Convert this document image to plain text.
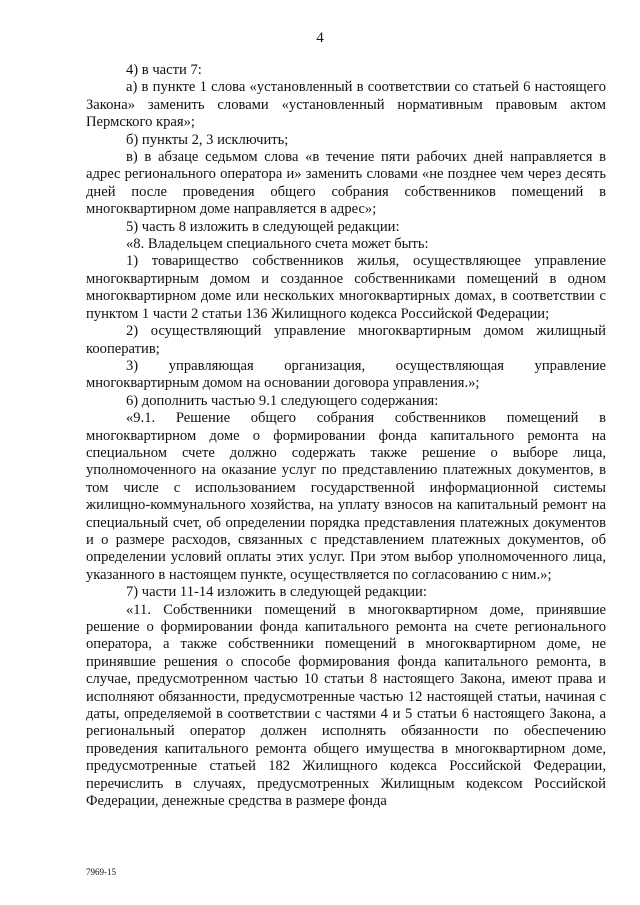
4

4) в части 7:

а) в пункте 1 слова «установленный в соответствии со статьей 6 настоящего Закона» заменить словами «установленный нормативным правовым актом Пермского края»;

б) пункты 2, 3 исключить;

в) в абзаце седьмом слова «в течение пяти рабочих дней направляется в адрес регионального оператора и» заменить словами «не позднее чем через десять дней после проведения общего собрания собственников помещений в многоквартирном доме направляется в адрес»;

5) часть 8 изложить в следующей редакции:

«8. Владельцем специального счета может быть:

1) товарищество собственников жилья, осуществляющее управление многоквартирным домом и созданное собственниками помещений в одном многоквартирном доме или нескольких многоквартирных домах, в соответствии с пунктом 1 части 2 статьи 136 Жилищного кодекса Российской Федерации;

2) осуществляющий управление многоквартирным домом жилищный кооператив;

3) управляющая организация, осуществляющая управление многоквартирным домом на основании договора управления.»;

6) дополнить частью 9.1 следующего содержания:

«9.1. Решение общего собрания собственников помещений в многоквартирном доме о формировании фонда капитального ремонта на специальном счете должно содержать также решение о выборе лица, уполномоченного на оказание услуг по представлению платежных документов, в том числе с использованием государственной информационной системы жилищно-коммунального хозяйства, на уплату взносов на капитальный ремонт на специальный счет, об определении порядка представления платежных документов и о размере расходов, связанных с представлением платежных документов, об определении условий оплаты этих услуг. При этом выбор уполномоченного лица, указанного в настоящем пункте, осуществляется по согласованию с ним.»;

7) части 11-14 изложить в следующей редакции:

«11. Собственники помещений в многоквартирном доме, принявшие решение о формировании фонда капитального ремонта на счете регионального оператора, а также собственники помещений в многоквартирном доме, не принявшие решения о способе формирования фонда капитального ремонта, в случае, предусмотренном частью 10 статьи 8 настоящего Закона, имеют права и исполняют обязанности, предусмотренные частью 12 настоящей статьи, начиная с даты, определяемой в соответствии с частями 4 и 5 статьи 6 настоящего Закона, а региональный оператор должен исполнять обязанности по обеспечению проведения капитального ремонта общего имущества в многоквартирном доме, предусмотренные статьей 182 Жилищного кодекса Российской Федерации, перечислить в случаях, предусмотренных Жилищным кодексом Российской Федерации, денежные средства в размере фонда

7969-15
